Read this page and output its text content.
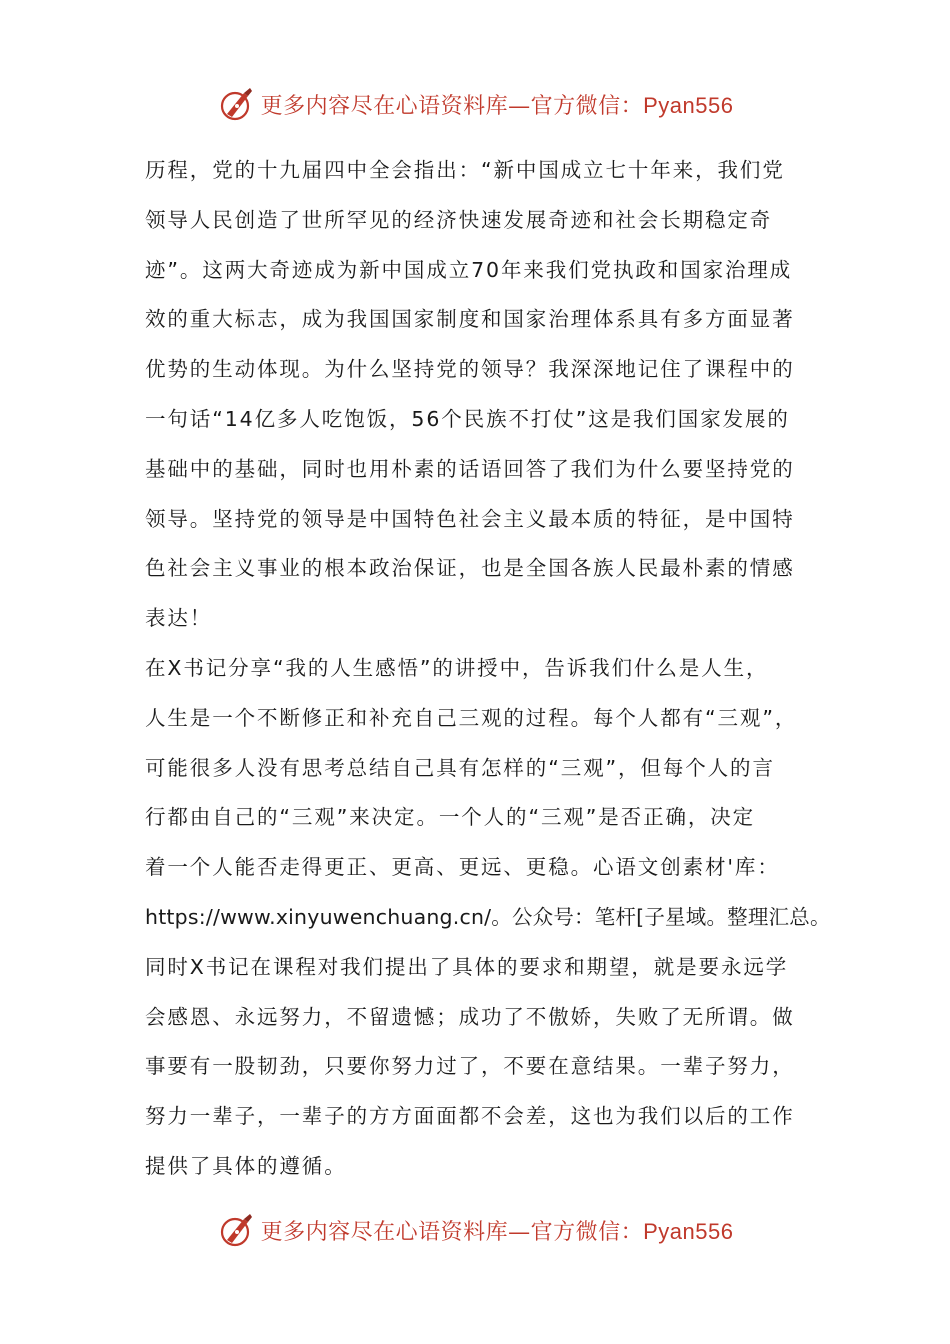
更多内容尽在心语资料库—官方微信：Pyan556
历程，党的十九届四中全会指出：“新中国成立七十年来，我们党
领导人民创造了世所罕见的经济快速发展奇迹和社会长期稳定奇
迹”。这两大奇迹成为新中国成立70年来我们党执政和国家治理成
效的重大标志，成为我国国家制度和国家治理体系具有多方面显著
优势的生动体现。为什么坚持党的领导？我深深地记住了课程中的
一句话“14亿多人吃饱饭，56个民族不打仗”这是我们国家发展的
基础中的基础，同时也用朴素的话语回答了我们为什么要坚持党的
领导。坚持党的领导是中国特色社会主义最本质的特征，是中国特
色社会主义事业的根本政治保证，也是全国各族人民最朴素的情感
表达！
在X书记分享“我的人生感悟”的讲授中，告诉我们什么是人生，
人生是一个不断修正和补充自己三观的过程。每个人都有“三观”，
可能很多人没有思考总结自己具有怎样的“三观”，但每个人的言
行都由自己的“三观”来决定。一个人的“三观”是否正确，决定
着一个人能否走得更正、更高、更远、更稳。心语文创素材'库：
https://www.xinyuwenchuang.cn/。公众号：笔杆[子星域。整理汇总。
同时X书记在课程对我们提出了具体的要求和期望，就是要永远学
会感恩、永远努力，不留遗憾；成功了不傲娇，失败了无所谓。做
事要有一股韧劲，只要你努力过了，不要在意结果。一辈子努力，
努力一辈子，一辈子的方方面面都不会差，这也为我们以后的工作
提供了具体的遵循。
更多内容尽在心语资料库—官方微信：Pyan556
